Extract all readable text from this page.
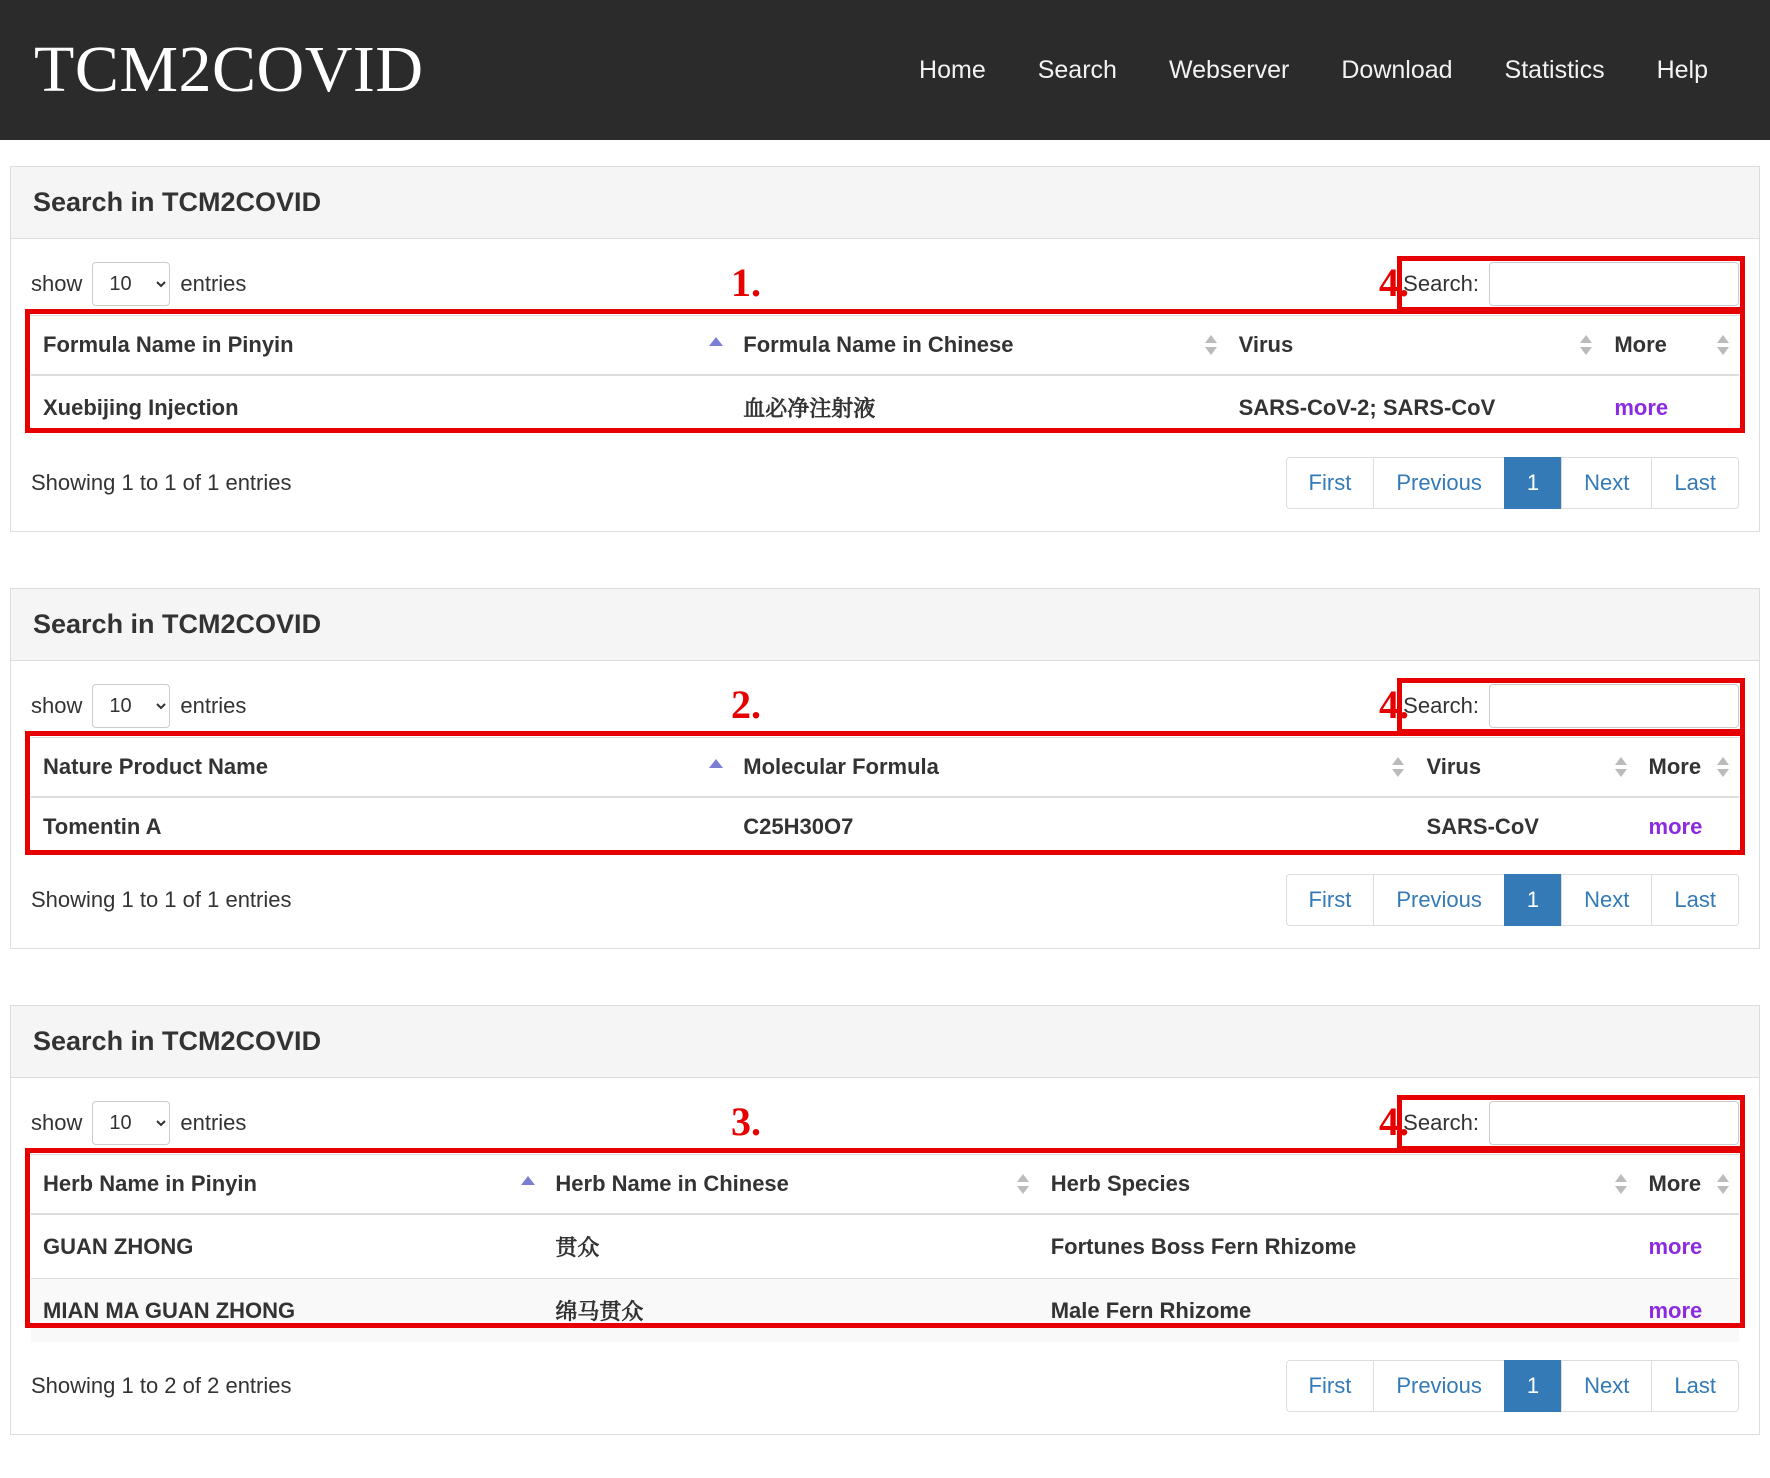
TCM2COVID	Home	Search	Webserver	Download	Statistics	Help
Search in TCM2COVID
show
10	entries	1.	4.
Search:
Formula Name in Pinyin	Formula Name in Chinese	Virus	More

Xuebijing Injection	血必净注射液	SARS-CoV-2; SARS-CoV	more
Showing 1 to 1 of 1 entries	First	Previous	1	Next	Last
Search in TCM2COVID
show
10	entries	2.	4.
Search:
Nature Product Name	Molecular Formula	Virus	More

Tomentin A	C25H30O7	SARS-CoV	more
Showing 1 to 1 of 1 entries	First	Previous	1	Next	Last
Search in TCM2COVID
show
10	entries	3.	4.
Search:
Herb Name in Pinyin	Herb Name in Chinese	Herb Species	More

GUAN ZHONG	贯众	Fortunes Boss Fern Rhizome	more
MIAN MA GUAN ZHONG	绵马贯众	Male Fern Rhizome	more
Showing 1 to 2 of 2 entries	First	Previous	1	Next	Last
